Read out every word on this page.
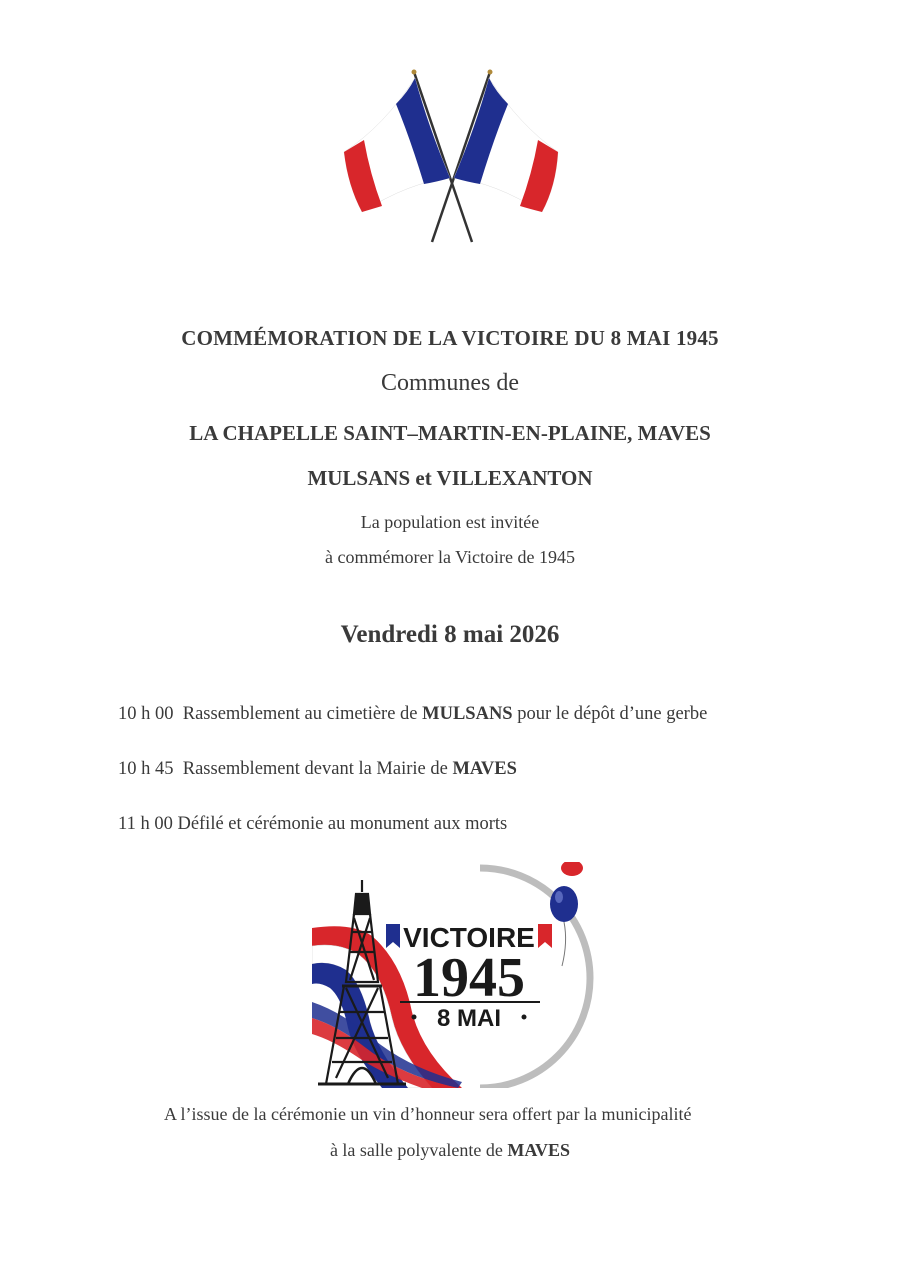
COMMÉMORATION DE LA VICTOIRE DU 8 MAI 1945
Communes de
LA CHAPELLE SAINT–MARTIN-EN-PLAINE, MAVES
MULSANS et VILLEXANTON
La population est invitée
à commémorer la Victoire de 1945
Vendredi 8 mai 2026
10 h 00 Rassemblement au cimetière de MULSANS pour le dépôt d’une gerbe
10 h 45 Rassemblement devant la Mairie de MAVES
11 h 00 Défilé et cérémonie au monument aux morts
VICTOIRE
1945
8 MAI
A l’issue de la cérémonie un vin d’honneur sera offert par la municipalité
à la salle polyvalente de MAVES
